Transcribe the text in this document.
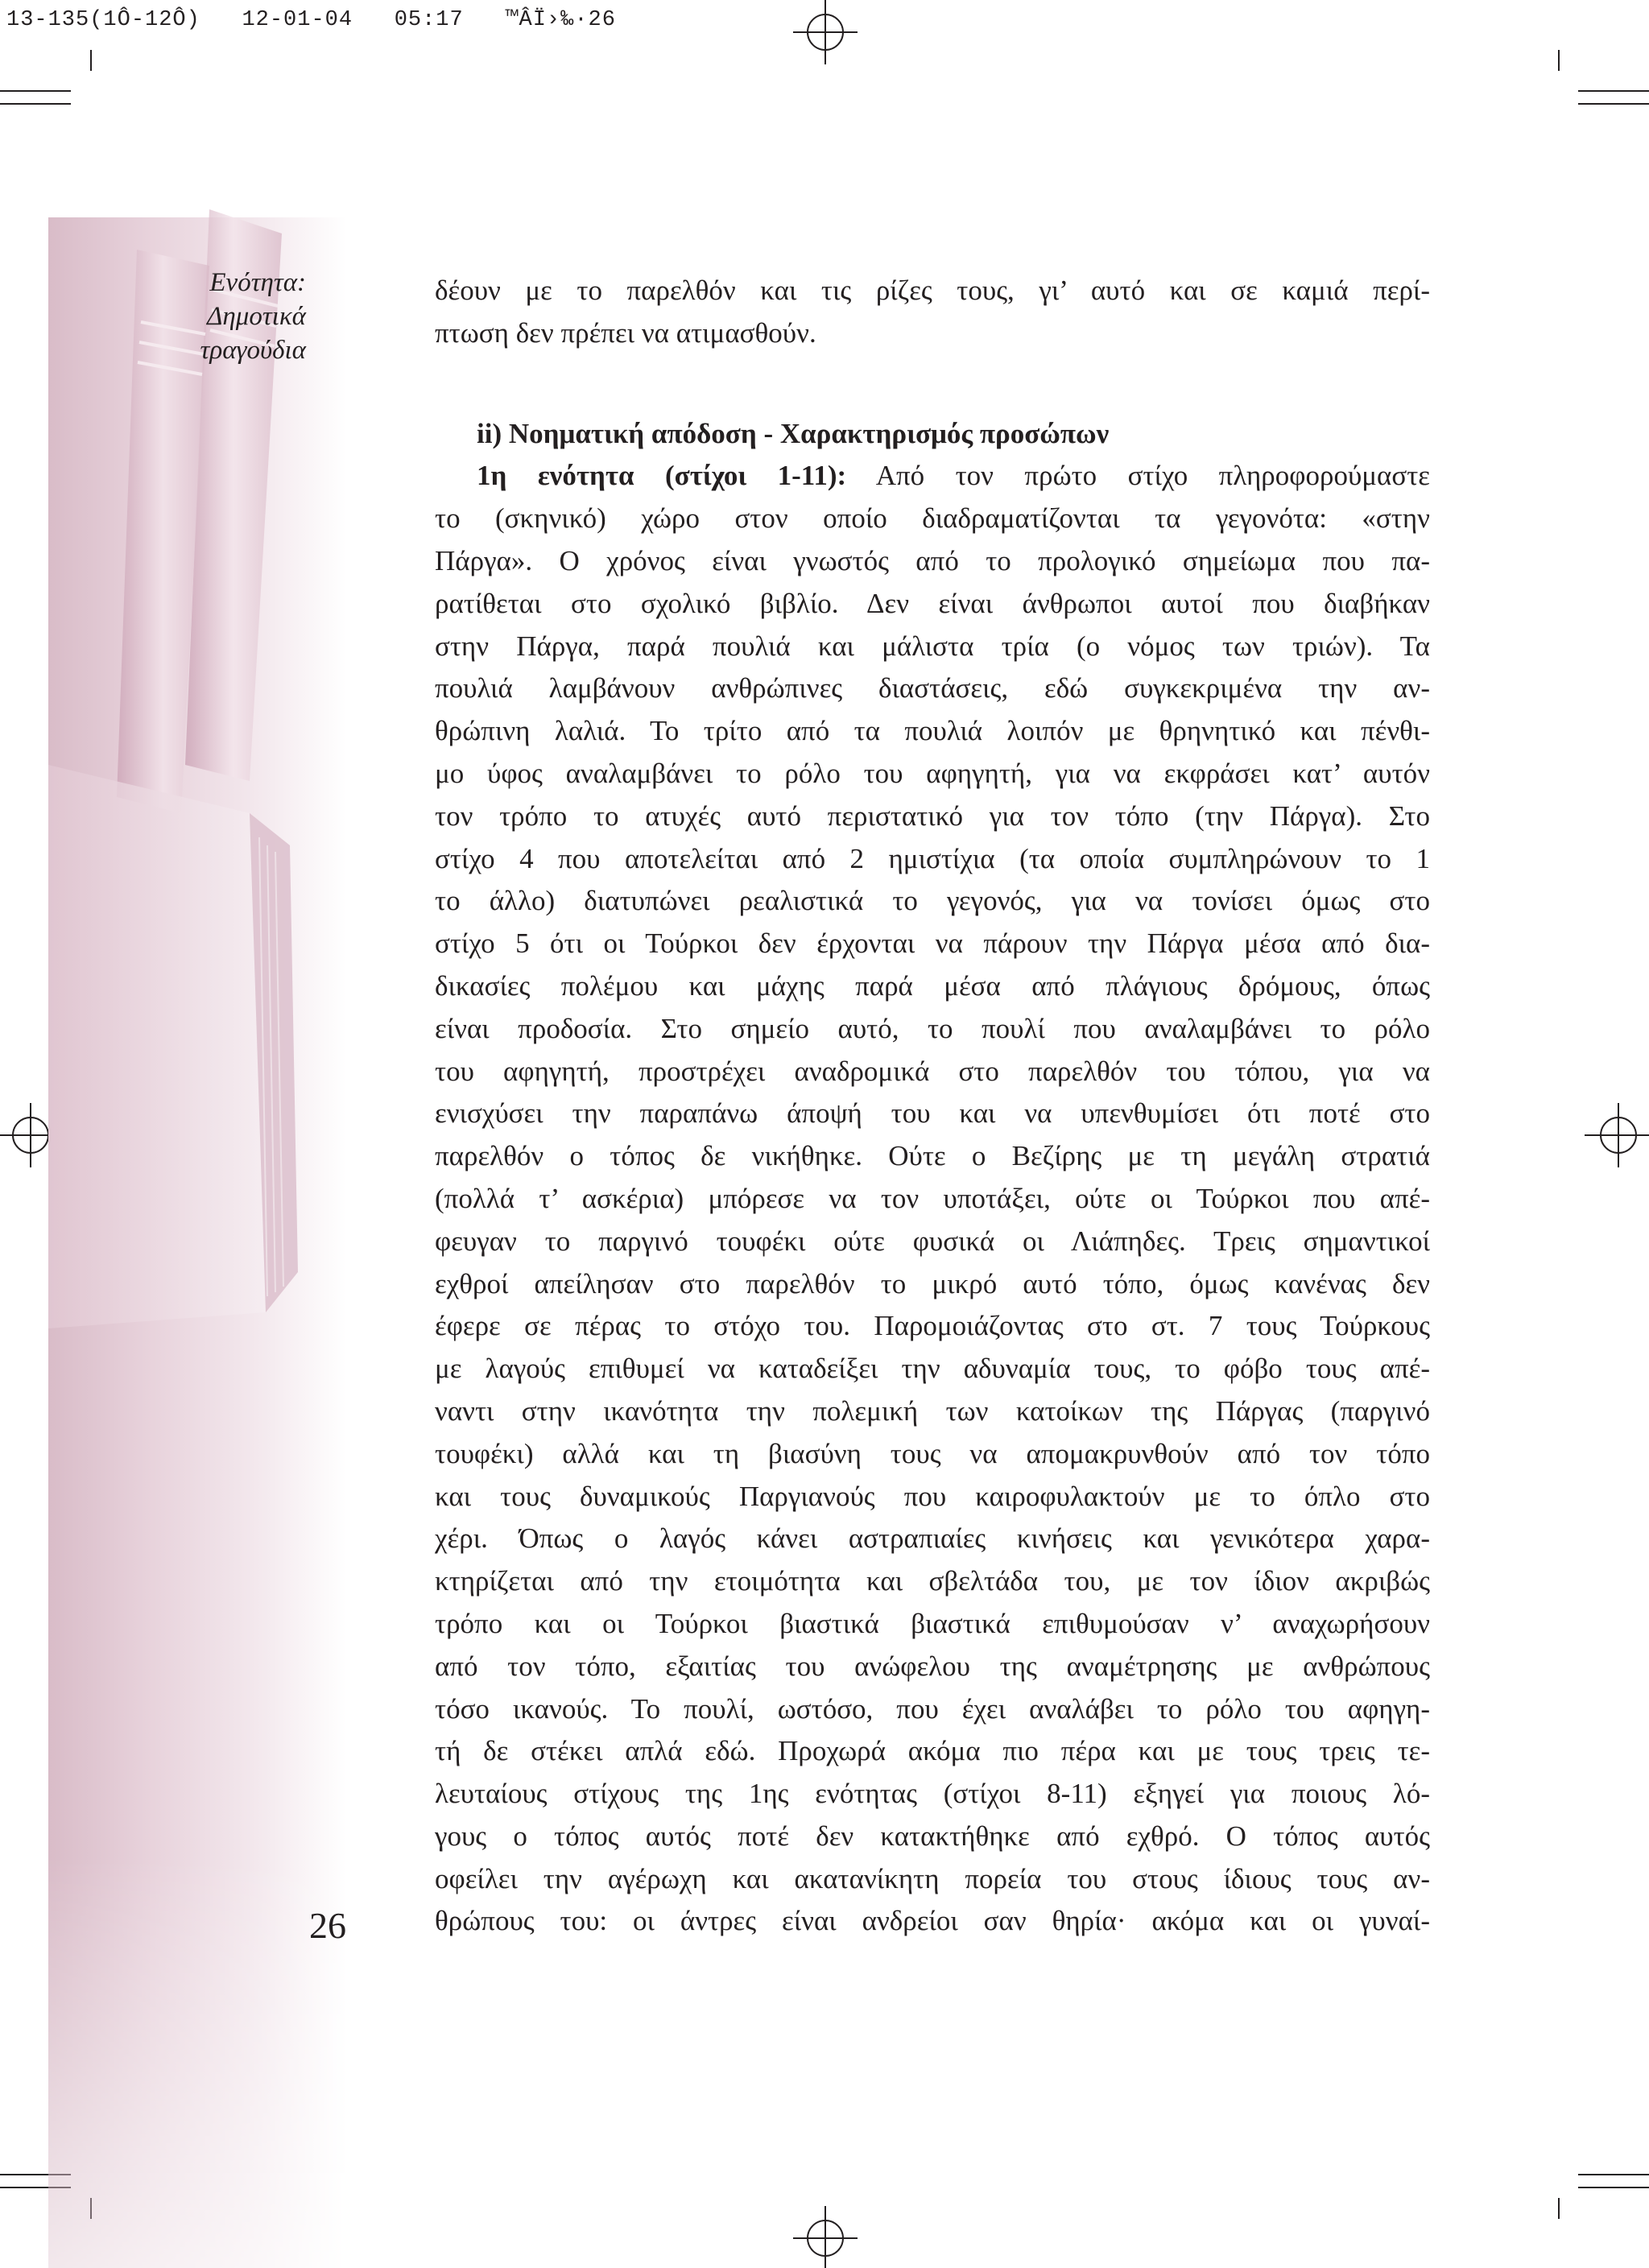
13-135(1Ô-12Ô) 12-01-04 05:17 ™ÂÏ›‰·26
Ενότητα:
Δημοτικά
τραγούδια
26

δέουν με το παρελθόν και τις ρίζες τους, γι’ αυτό και σε καμιά περί-
πτωση δεν πρέπει να ατιμασθούν.

ii) Νοηματική απόδοση - Χαρακτηρισμός προσώπων

1η ενότητα (στίχοι 1-11): Από τον πρώτο στίχο πληροφορούμαστε
το (σκηνικό) χώρο στον οποίο διαδραματίζονται τα γεγονότα: «στην
Πάργα». Ο χρόνος είναι γνωστός από το προλογικό σημείωμα που πα-
ρατίθεται στο σχολικό βιβλίο. Δεν είναι άνθρωποι αυτοί που διαβήκαν
στην Πάργα, παρά πουλιά και μάλιστα τρία (ο νόμος των τριών). Τα
πουλιά λαμβάνουν ανθρώπινες διαστάσεις, εδώ συγκεκριμένα την αν-
θρώπινη λαλιά. Το τρίτο από τα πουλιά λοιπόν με θρηνητικό και πένθι-
μο ύφος αναλαμβάνει το ρόλο του αφηγητή, για να εκφράσει κατ’ αυτόν
τον τρόπο το ατυχές αυτό περιστατικό για τον τόπο (την Πάργα). Στο
στίχο 4 που αποτελείται από 2 ημιστίχια (τα οποία συμπληρώνουν το 1
το άλλο) διατυπώνει ρεαλιστικά το γεγονός, για να τονίσει όμως στο
στίχο 5 ότι οι Τούρκοι δεν έρχονται να πάρουν την Πάργα μέσα από δια-
δικασίες πολέμου και μάχης παρά μέσα από πλάγιους δρόμους, όπως
είναι προδοσία. Στο σημείο αυτό, το πουλί που αναλαμβάνει το ρόλο
του αφηγητή, προστρέχει αναδρομικά στο παρελθόν του τόπου, για να
ενισχύσει την παραπάνω άποψή του και να υπενθυμίσει ότι ποτέ στο
παρελθόν ο τόπος δε νικήθηκε. Ούτε ο Βεζίρης με τη μεγάλη στρατιά
(πολλά τ’ ασκέρια) μπόρεσε να τον υποτάξει, ούτε οι Τούρκοι που απέ-
φευγαν το παργινό τουφέκι ούτε φυσικά οι Λιάπηδες. Τρεις σημαντικοί
εχθροί απείλησαν στο παρελθόν το μικρό αυτό τόπο, όμως κανένας δεν
έφερε σε πέρας το στόχο του. Παρομοιάζοντας στο στ. 7 τους Τούρκους
με λαγούς επιθυμεί να καταδείξει την αδυναμία τους, το φόβο τους απέ-
ναντι στην ικανότητα την πολεμική των κατοίκων της Πάργας (παργινό
τουφέκι) αλλά και τη βιασύνη τους να απομακρυνθούν από τον τόπο
και τους δυναμικούς Παργιανούς που καιροφυλακτούν με το όπλο στο
χέρι. Όπως ο λαγός κάνει αστραπιαίες κινήσεις και γενικότερα χαρα-
κτηρίζεται από την ετοιμότητα και σβελτάδα του, με τον ίδιον ακριβώς
τρόπο και οι Τούρκοι βιαστικά βιαστικά επιθυμούσαν ν’ αναχωρήσουν
από τον τόπο, εξαιτίας του ανώφελου της αναμέτρησης με ανθρώπους
τόσο ικανούς. Το πουλί, ωστόσο, που έχει αναλάβει το ρόλο του αφηγη-
τή δε στέκει απλά εδώ. Προχωρά ακόμα πιο πέρα και με τους τρεις τε-
λευταίους στίχους της 1ης ενότητας (στίχοι 8-11) εξηγεί για ποιους λό-
γους ο τόπος αυτός ποτέ δεν κατακτήθηκε από εχθρό. Ο τόπος αυτός
οφείλει την αγέρωχη και ακατανίκητη πορεία του στους ίδιους τους αν-
θρώπους του: οι άντρες είναι ανδρείοι σαν θηρία· ακόμα και οι γυναί-
